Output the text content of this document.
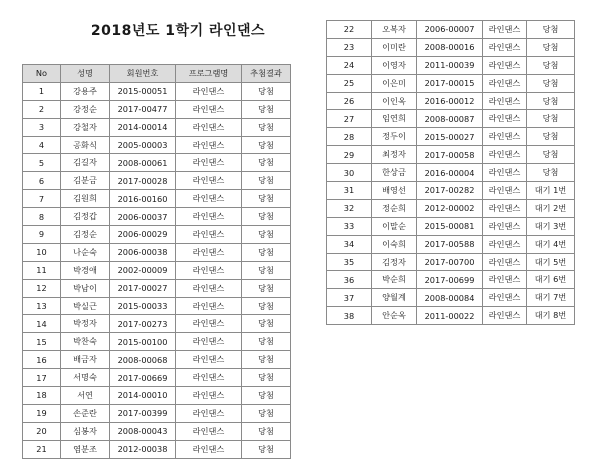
2018년도 1학기 라인댄스
No	성명	회원번호	프로그램명	추첨결과
1	강용주	2015-00051	라인댄스	당첨
2	강정순	2017-00477	라인댄스	당첨
3	강철자	2014-00014	라인댄스	당첨
4	공화식	2005-00003	라인댄스	당첨
5	김길자	2008-00061	라인댄스	당첨
6	김분금	2017-00028	라인댄스	당첨
7	김원희	2016-00160	라인댄스	당첨
8	김정갑	2006-00037	라인댄스	당첨
9	김정순	2006-00029	라인댄스	당첨
10	나순숙	2006-00038	라인댄스	당첨
11	박경애	2002-00009	라인댄스	당첨
12	박남이	2017-00027	라인댄스	당첨
13	박실근	2015-00033	라인댄스	당첨
14	박정자	2017-00273	라인댄스	당첨
15	박찬숙	2015-00100	라인댄스	당첨
16	배금자	2008-00068	라인댄스	당첨
17	서명숙	2017-00669	라인댄스	당첨
18	서연	2014-00010	라인댄스	당첨
19	손준란	2017-00399	라인댄스	당첨
20	심봉자	2008-00043	라인댄스	당첨
21	염분조	2012-00038	라인댄스	당첨
22	오복자	2006-00007	라인댄스	당첨
23	이미란	2008-00016	라인댄스	당첨
24	이영자	2011-00039	라인댄스	당첨
25	이은미	2017-00015	라인댄스	당첨
26	이인옥	2016-00012	라인댄스	당첨
27	임연희	2008-00087	라인댄스	당첨
28	정두이	2015-00027	라인댄스	당첨
29	최정자	2017-00058	라인댄스	당첨
30	한상금	2016-00004	라인댄스	당첨
31	배영선	2017-00282	라인댄스	대기 1번
32	정순희	2012-00002	라인댄스	대기 2번
33	이말순	2015-00081	라인댄스	대기 3번
34	이숙희	2017-00588	라인댄스	대기 4번
35	김정자	2017-00700	라인댄스	대기 5번
36	박순희	2017-00699	라인댄스	대기 6번
37	양월계	2008-00084	라인댄스	대기 7번
38	안순옥	2011-00022	라인댄스	대기 8번
